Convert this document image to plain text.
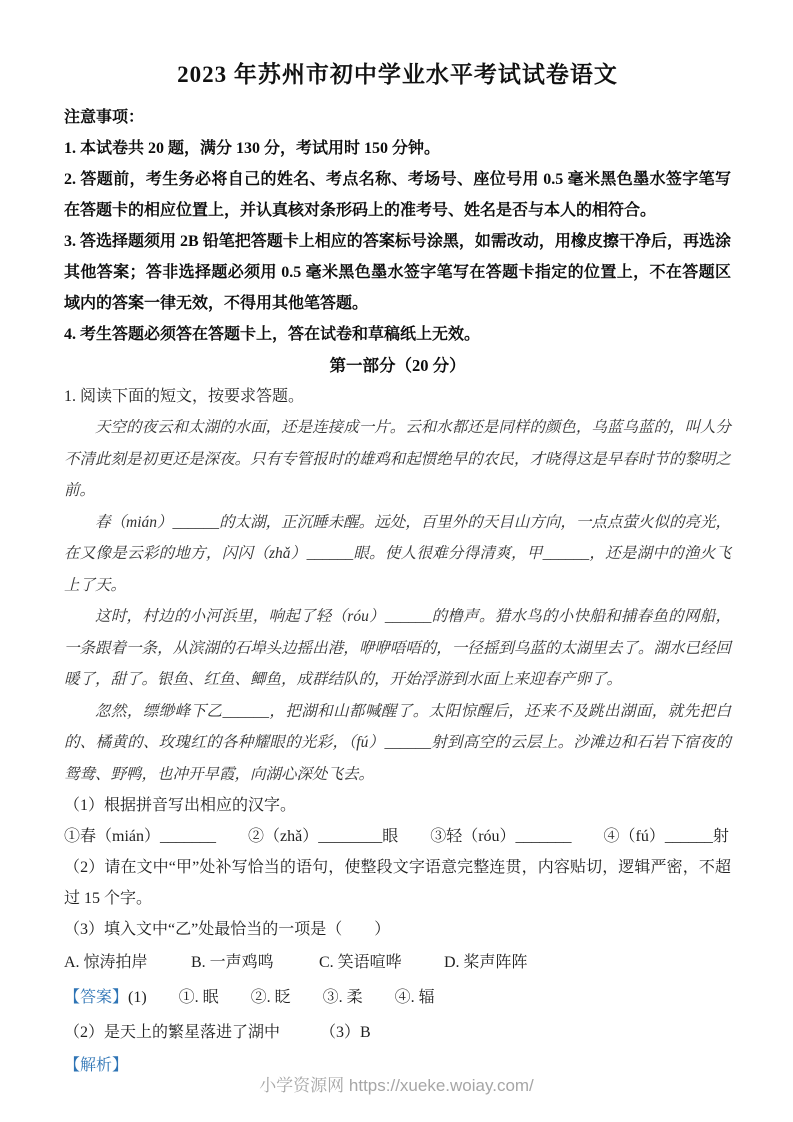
2023 年苏州市初中学业水平考试试卷语文

注意事项：

1. 本试卷共 20 题，满分 130 分，考试用时 150 分钟。

2. 答题前，考生务必将自己的姓名、考点名称、考场号、座位号用 0.5 毫米黑色墨水签字笔写在答题卡的相应位置上，并认真核对条形码上的准考号、姓名是否与本人的相符合。

3. 答选择题须用 2B 铅笔把答题卡上相应的答案标号涂黑，如需改动，用橡皮擦干净后，再选涂其他答案；答非选择题必须用 0.5 毫米黑色墨水签字笔写在答题卡指定的位置上，不在答题区域内的答案一律无效，不得用其他笔答题。

4. 考生答题必须答在答题卡上，答在试卷和草稿纸上无效。

第一部分（20 分）

1. 阅读下面的短文，按要求答题。

天空的夜云和太湖的水面，还是连接成一片。云和水都还是同样的颜色，乌蓝乌蓝的，叫人分不清此刻是初更还是深夜。只有专管报时的雄鸡和起惯绝早的农民，才晓得这是早春时节的黎明之前。

春（mián）______的太湖，正沉睡未醒。远处，百里外的天目山方向，一点点萤火似的亮光，在又像是云彩的地方，闪闪（zhǎ）______眼。使人很难分得清爽，甲______，还是湖中的渔火飞上了天。

这时，村边的小河浜里，响起了轻（róu）______的橹声。猎水鸟的小快船和捕春鱼的网船，一条跟着一条，从滨湖的石埠头边摇出港，咿咿唔唔的，一径摇到乌蓝的太湖里去了。湖水已经回暖了，甜了。银鱼、红鱼、鲫鱼，成群结队的，开始浮游到水面上来迎春产卵了。

忽然，缥缈峰下乙______，把湖和山都喊醒了。太阳惊醒后，还来不及跳出湖面，就先把白的、橘黄的、玫瑰红的各种耀眼的光彩，（fú）______射到高空的云层上。沙滩边和石岩下宿夜的鸳鸯、野鸭，也冲开早霞，向湖心深处飞去。

（1）根据拼音写出相应的汉字。

①春（mián）_______　　②（zhǎ）________眼　　③轻（róu）_______　　④（fú）______射

（2）请在文中“甲”处补写恰当的语句，使整段文字语意完整连贯，内容贴切，逻辑严密，不超过 15 个字。

（3）填入文中“乙”处最恰当的一项是（　　）

A. 惊涛拍岸	B. 一声鸡鸣	C. 笑语喧哗	D. 桨声阵阵

【答案】(1)　　①. 眠　　②. 眨　　③. 柔　　④. 辐

（2）是天上的繁星落进了湖中　　　（3）B

【解析】

小学资源网 https://xueke.woiay.com/
